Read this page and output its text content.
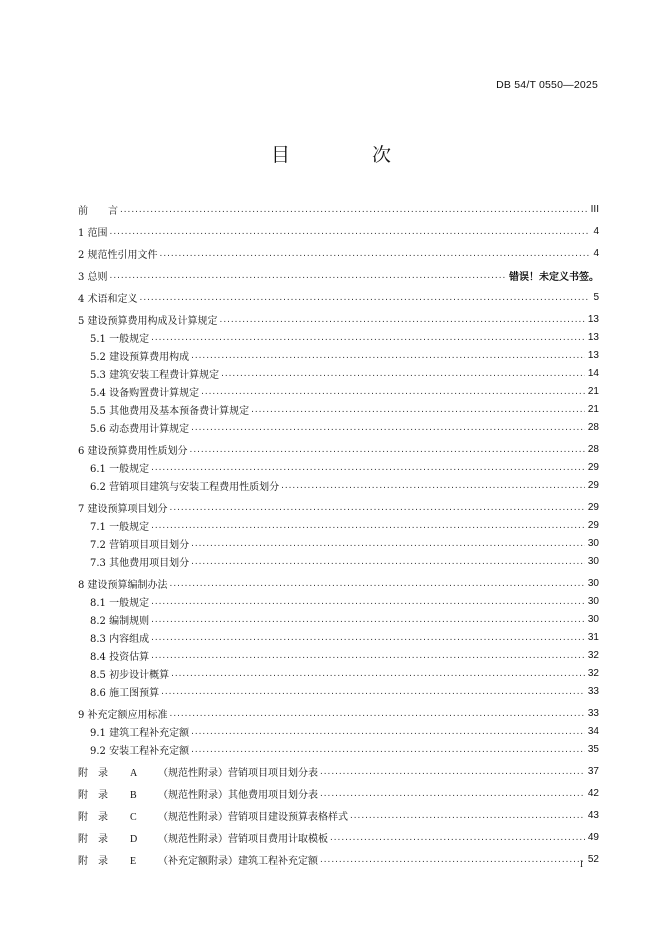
DB 54/T 0550—2025
目 次
前　　言 .....	III
1 范围 .....	4
2 规范性引用文件 .....	4
3 总则 .....	错误！未定义书签。
4 术语和定义 .....	5
5 建设预算费用构成及计算规定 .....	13
5.1 一般规定 .....	13
5.2 建设预算费用构成 .....	13
5.3 建筑安装工程费计算规定 .....	14
5.4 设备购置费计算规定 .....	21
5.5 其他费用及基本预备费计算规定 .....	21
5.6 动态费用计算规定 .....	28
6 建设预算费用性质划分 .....	28
6.1 一般规定 .....	29
6.2 营销项目建筑与安装工程费用性质划分 .....	29
7 建设预算项目划分 .....	29
7.1 一般规定 .....	29
7.2 营销项目项目划分 .....	30
7.3 其他费用项目划分 .....	30
8 建设预算编制办法 .....	30
8.1 一般规定 .....	30
8.2 编制规则 .....	30
8.3 内容组成 .....	31
8.4 投资估算 .....	32
8.5 初步设计概算 .....	32
8.6 施工图预算 .....	33
9 补充定额应用标准 .....	33
9.1 建筑工程补充定额 .....	34
9.2 安装工程补充定额 .....	35
附　录 A （规范性附录）营销项目项目划分表 .....	37
附　录 B （规范性附录）其他费用项目划分表 .....	42
附　录 C （规范性附录）营销项目建设预算表格样式 .....	43
附　录 D （规范性附录）营销项目费用计取模板 .....	49
附　录 E （补充定额附录）建筑工程补充定额 .....	52
I
